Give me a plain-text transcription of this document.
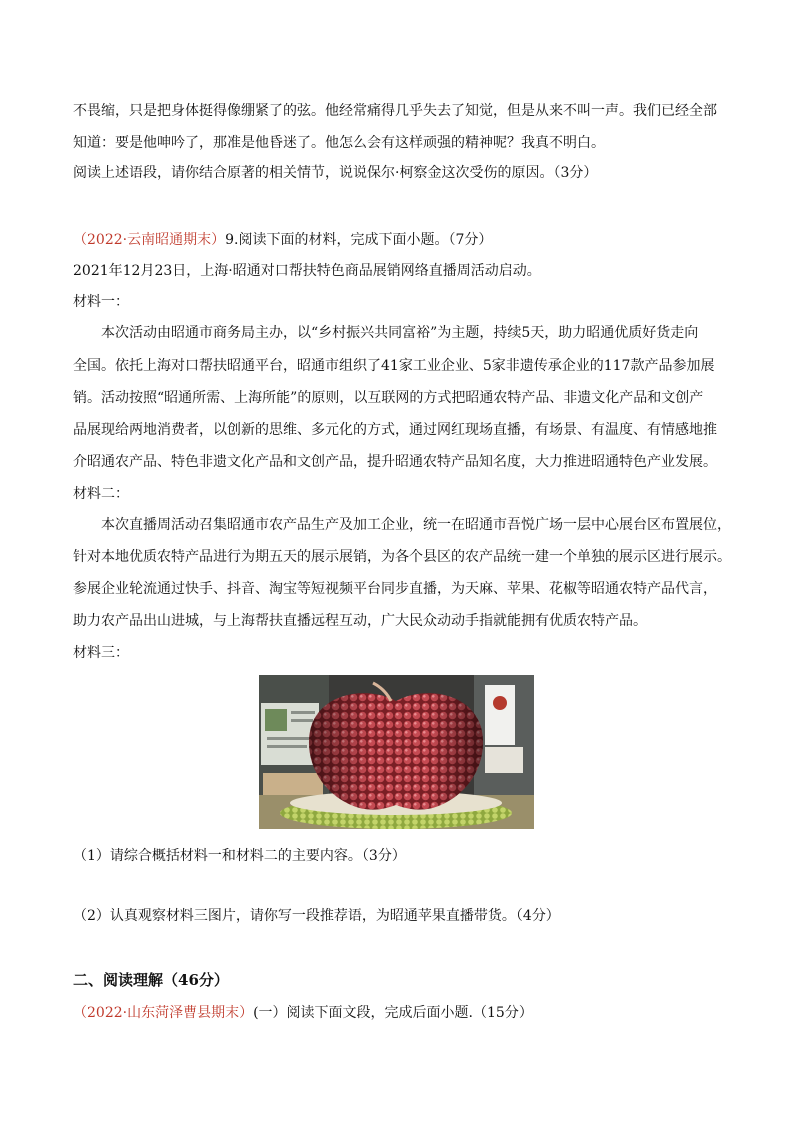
不畏缩，只是把身体挺得像绷紧了的弦。他经常痛得几乎失去了知觉，但是从来不叫一声。我们已经全部
知道：要是他呻吟了，那准是他昏迷了。他怎么会有这样顽强的精神呢？我真不明白。
阅读上述语段，请你结合原著的相关情节，说说保尔·柯察金这次受伤的原因。（3分）
（2022·云南昭通期末）9.阅读下面的材料，完成下面小题。（7分）
2021年12月23日，上海·昭通对口帮扶特色商品展销网络直播周活动启动。
材料一：
本次活动由昭通市商务局主办，以“乡村振兴共同富裕”为主题，持续5天，助力昭通优质好货走向
全国。依托上海对口帮扶昭通平台，昭通市组织了41家工业企业、5家非遗传承企业的117款产品参加展
销。活动按照“昭通所需、上海所能”的原则，以互联网的方式把昭通农特产品、非遗文化产品和文创产
品展现给两地消费者，以创新的思维、多元化的方式，通过网红现场直播，有场景、有温度、有情感地推
介昭通农产品、特色非遗文化产品和文创产品，提升昭通农特产品知名度，大力推进昭通特色产业发展。
材料二：
本次直播周活动召集昭通市农产品生产及加工企业，统一在昭通市吾悦广场一层中心展台区布置展位，
针对本地优质农特产品进行为期五天的展示展销，为各个县区的农产品统一建一个单独的展示区进行展示。
参展企业轮流通过快手、抖音、淘宝等短视频平台同步直播，为天麻、苹果、花椒等昭通农特产品代言，
助力农产品出山进城，与上海帮扶直播远程互动，广大民众动动手指就能拥有优质农特产品。
材料三：
（1）请综合概括材料一和材料二的主要内容。（3分）
（2）认真观察材料三图片，请你写一段推荐语，为昭通苹果直播带货。（4分）
二、阅读理解（46分）
（2022·山东菏泽曹县期末）(一）阅读下面文段，完成后面小题.（15分）
